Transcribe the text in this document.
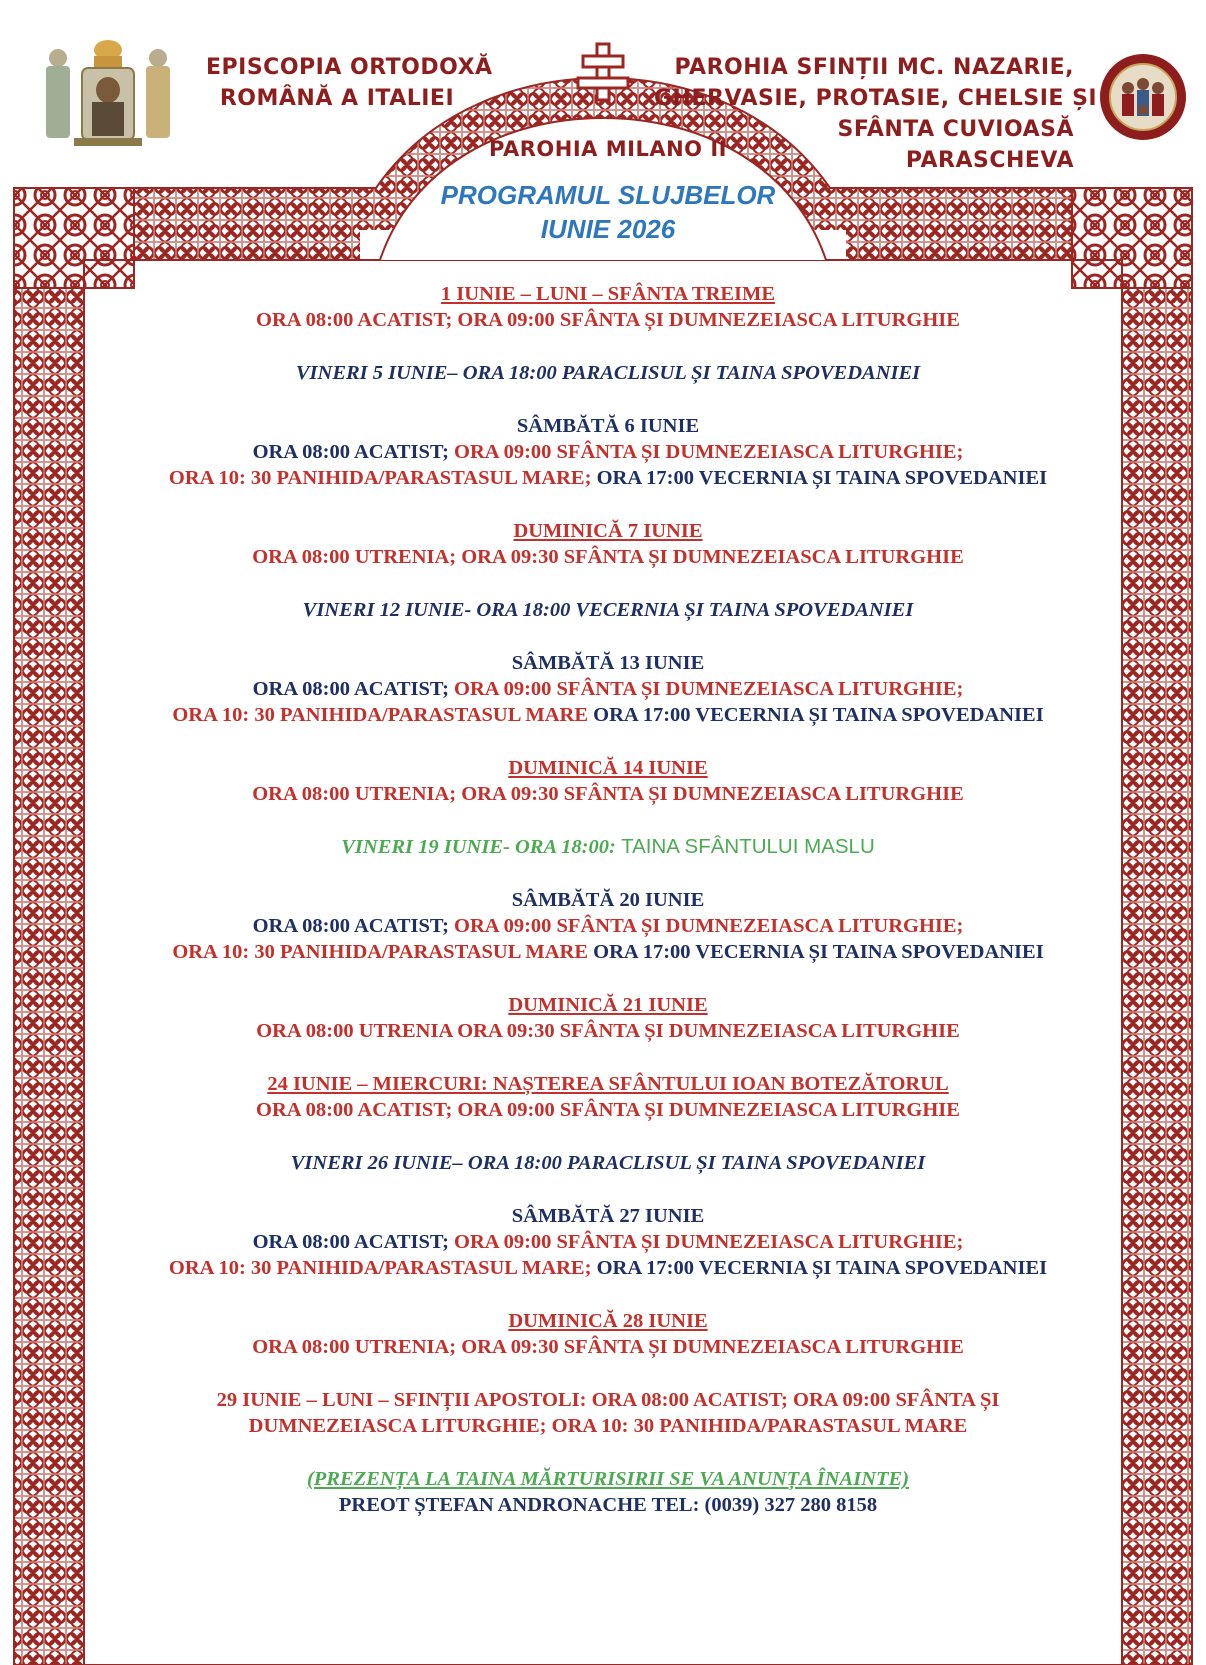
EPISCOPIA ORTODOXĂ
ROMÂNĂ A ITALIEI
PAROHIA SFINȚII MC. NAZARIE,
GHERVASIE, PROTASIE, CHELSIE ȘI
SFÂNTA CUVIOASĂ
PARASCHEVA
PAROHIA MILANO II
PROGRAMUL SLUJBELOR
IUNIE 2026
1 IUNIE – LUNI – SFÂNTA TREIME
ORA 08:00 ACATIST; ORA 09:00 SFÂNTA ȘI DUMNEZEIASCA LITURGHIE
VINERI 5 IUNIE– ORA 18:00 PARACLISUL ȘI TAINA SPOVEDANIEI
SÂMBĂTĂ 6 IUNIE
ORA 08:00 ACATIST; ORA 09:00 SFÂNTA ȘI DUMNEZEIASCA LITURGHIE;
ORA 10: 30 PANIHIDA/PARASTASUL MARE; ORA 17:00 VECERNIA ȘI TAINA SPOVEDANIEI
DUMINICĂ 7 IUNIE
ORA 08:00 UTRENIA; ORA 09:30 SFÂNTA ȘI DUMNEZEIASCA LITURGHIE
VINERI 12 IUNIE- ORA 18:00 VECERNIA ȘI TAINA SPOVEDANIEI
SÂMBĂTĂ 13 IUNIE
ORA 08:00 ACATIST; ORA 09:00 SFÂNTA ȘI DUMNEZEIASCA LITURGHIE;
ORA 10: 30 PANIHIDA/PARASTASUL MARE ORA 17:00 VECERNIA ȘI TAINA SPOVEDANIEI
DUMINICĂ 14 IUNIE
ORA 08:00 UTRENIA; ORA 09:30 SFÂNTA ȘI DUMNEZEIASCA LITURGHIE
VINERI 19 IUNIE- ORA 18:00: TAINA SFÂNTULUI MASLU
SÂMBĂTĂ 20 IUNIE
ORA 08:00 ACATIST; ORA 09:00 SFÂNTA ȘI DUMNEZEIASCA LITURGHIE;
ORA 10: 30 PANIHIDA/PARASTASUL MARE ORA 17:00 VECERNIA ȘI TAINA SPOVEDANIEI
DUMINICĂ 21 IUNIE
ORA 08:00 UTRENIA ORA 09:30 SFÂNTA ȘI DUMNEZEIASCA LITURGHIE
24 IUNIE – MIERCURI: NAȘTEREA SFÂNTULUI IOAN BOTEZĂTORUL
ORA 08:00 ACATIST; ORA 09:00 SFÂNTA ȘI DUMNEZEIASCA LITURGHIE
VINERI 26 IUNIE– ORA 18:00 PARACLISUL ȘI TAINA SPOVEDANIEI
SÂMBĂTĂ 27 IUNIE
ORA 08:00 ACATIST; ORA 09:00 SFÂNTA ȘI DUMNEZEIASCA LITURGHIE;
ORA 10: 30 PANIHIDA/PARASTASUL MARE; ORA 17:00 VECERNIA ȘI TAINA SPOVEDANIEI
DUMINICĂ 28 IUNIE
ORA 08:00 UTRENIA; ORA 09:30 SFÂNTA ȘI DUMNEZEIASCA LITURGHIE
29 IUNIE – LUNI – SFINȚII APOSTOLI: ORA 08:00 ACATIST; ORA 09:00 SFÂNTA ȘI
DUMNEZEIASCA LITURGHIE; ORA 10: 30 PANIHIDA/PARASTASUL MARE
(PREZENȚA LA TAINA MĂRTURISIRII SE VA ANUNȚA ÎNAINTE)
PREOT ȘTEFAN ANDRONACHE TEL: (0039) 327 280 8158
